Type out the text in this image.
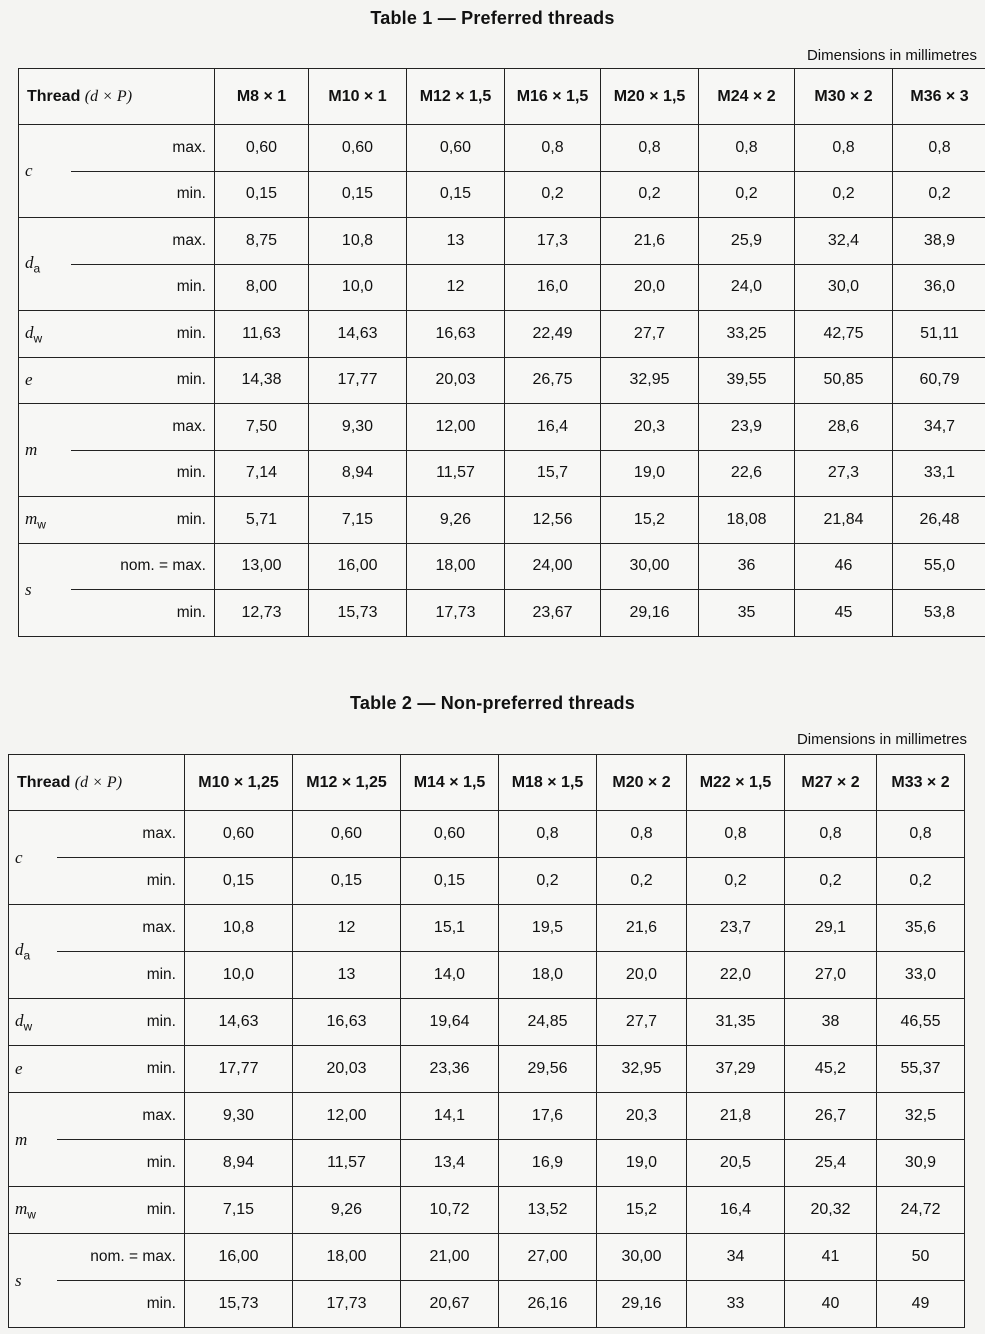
Table 1 — Preferred threads
Dimensions in millimetres
Thread (d × P)		M8 × 1	M10 × 1	M12 × 1,5	M16 × 1,5	M20 × 1,5	M24 × 2	M30 × 2	M36 × 3
c	max.	0,60	0,60	0,60	0,8	0,8	0,8	0,8	0,8
	min.	0,15	0,15	0,15	0,2	0,2	0,2	0,2	0,2
$d_a$	max.	8,75	10,8	13	17,3	21,6	25,9	32,4	38,9
	min.	8,00	10,0	12	16,0	20,0	24,0	30,0	36,0
$d_w$	min.	11,63	14,63	16,63	22,49	27,7	33,25	42,75	51,11
e	min.	14,38	17,77	20,03	26,75	32,95	39,55	50,85	60,79
m	max.	7,50	9,30	12,00	16,4	20,3	23,9	28,6	34,7
	min.	7,14	8,94	11,57	15,7	19,0	22,6	27,3	33,1
$m_w$	min.	5,71	7,15	9,26	12,56	15,2	18,08	21,84	26,48
s	nom. = max.	13,00	16,00	18,00	24,00	30,00	36	46	55,0
	min.	12,73	15,73	17,73	23,67	29,16	35	45	53,8
Table 2 — Non-preferred threads
Dimensions in millimetres
Thread (d × P)		M10 × 1,25	M12 × 1,25	M14 × 1,5	M18 × 1,5	M20 × 2	M22 × 1,5	M27 × 2	M33 × 2
c	max.	0,60	0,60	0,60	0,8	0,8	0,8	0,8	0,8
	min.	0,15	0,15	0,15	0,2	0,2	0,2	0,2	0,2
$d_a$	max.	10,8	12	15,1	19,5	21,6	23,7	29,1	35,6
	min.	10,0	13	14,0	18,0	20,0	22,0	27,0	33,0
$d_w$	min.	14,63	16,63	19,64	24,85	27,7	31,35	38	46,55
e	min.	17,77	20,03	23,36	29,56	32,95	37,29	45,2	55,37
m	max.	9,30	12,00	14,1	17,6	20,3	21,8	26,7	32,5
	min.	8,94	11,57	13,4	16,9	19,0	20,5	25,4	30,9
$m_w$	min.	7,15	9,26	10,72	13,52	15,2	16,4	20,32	24,72
s	nom. = max.	16,00	18,00	21,00	27,00	30,00	34	41	50
	min.	15,73	17,73	20,67	26,16	29,16	33	40	49
